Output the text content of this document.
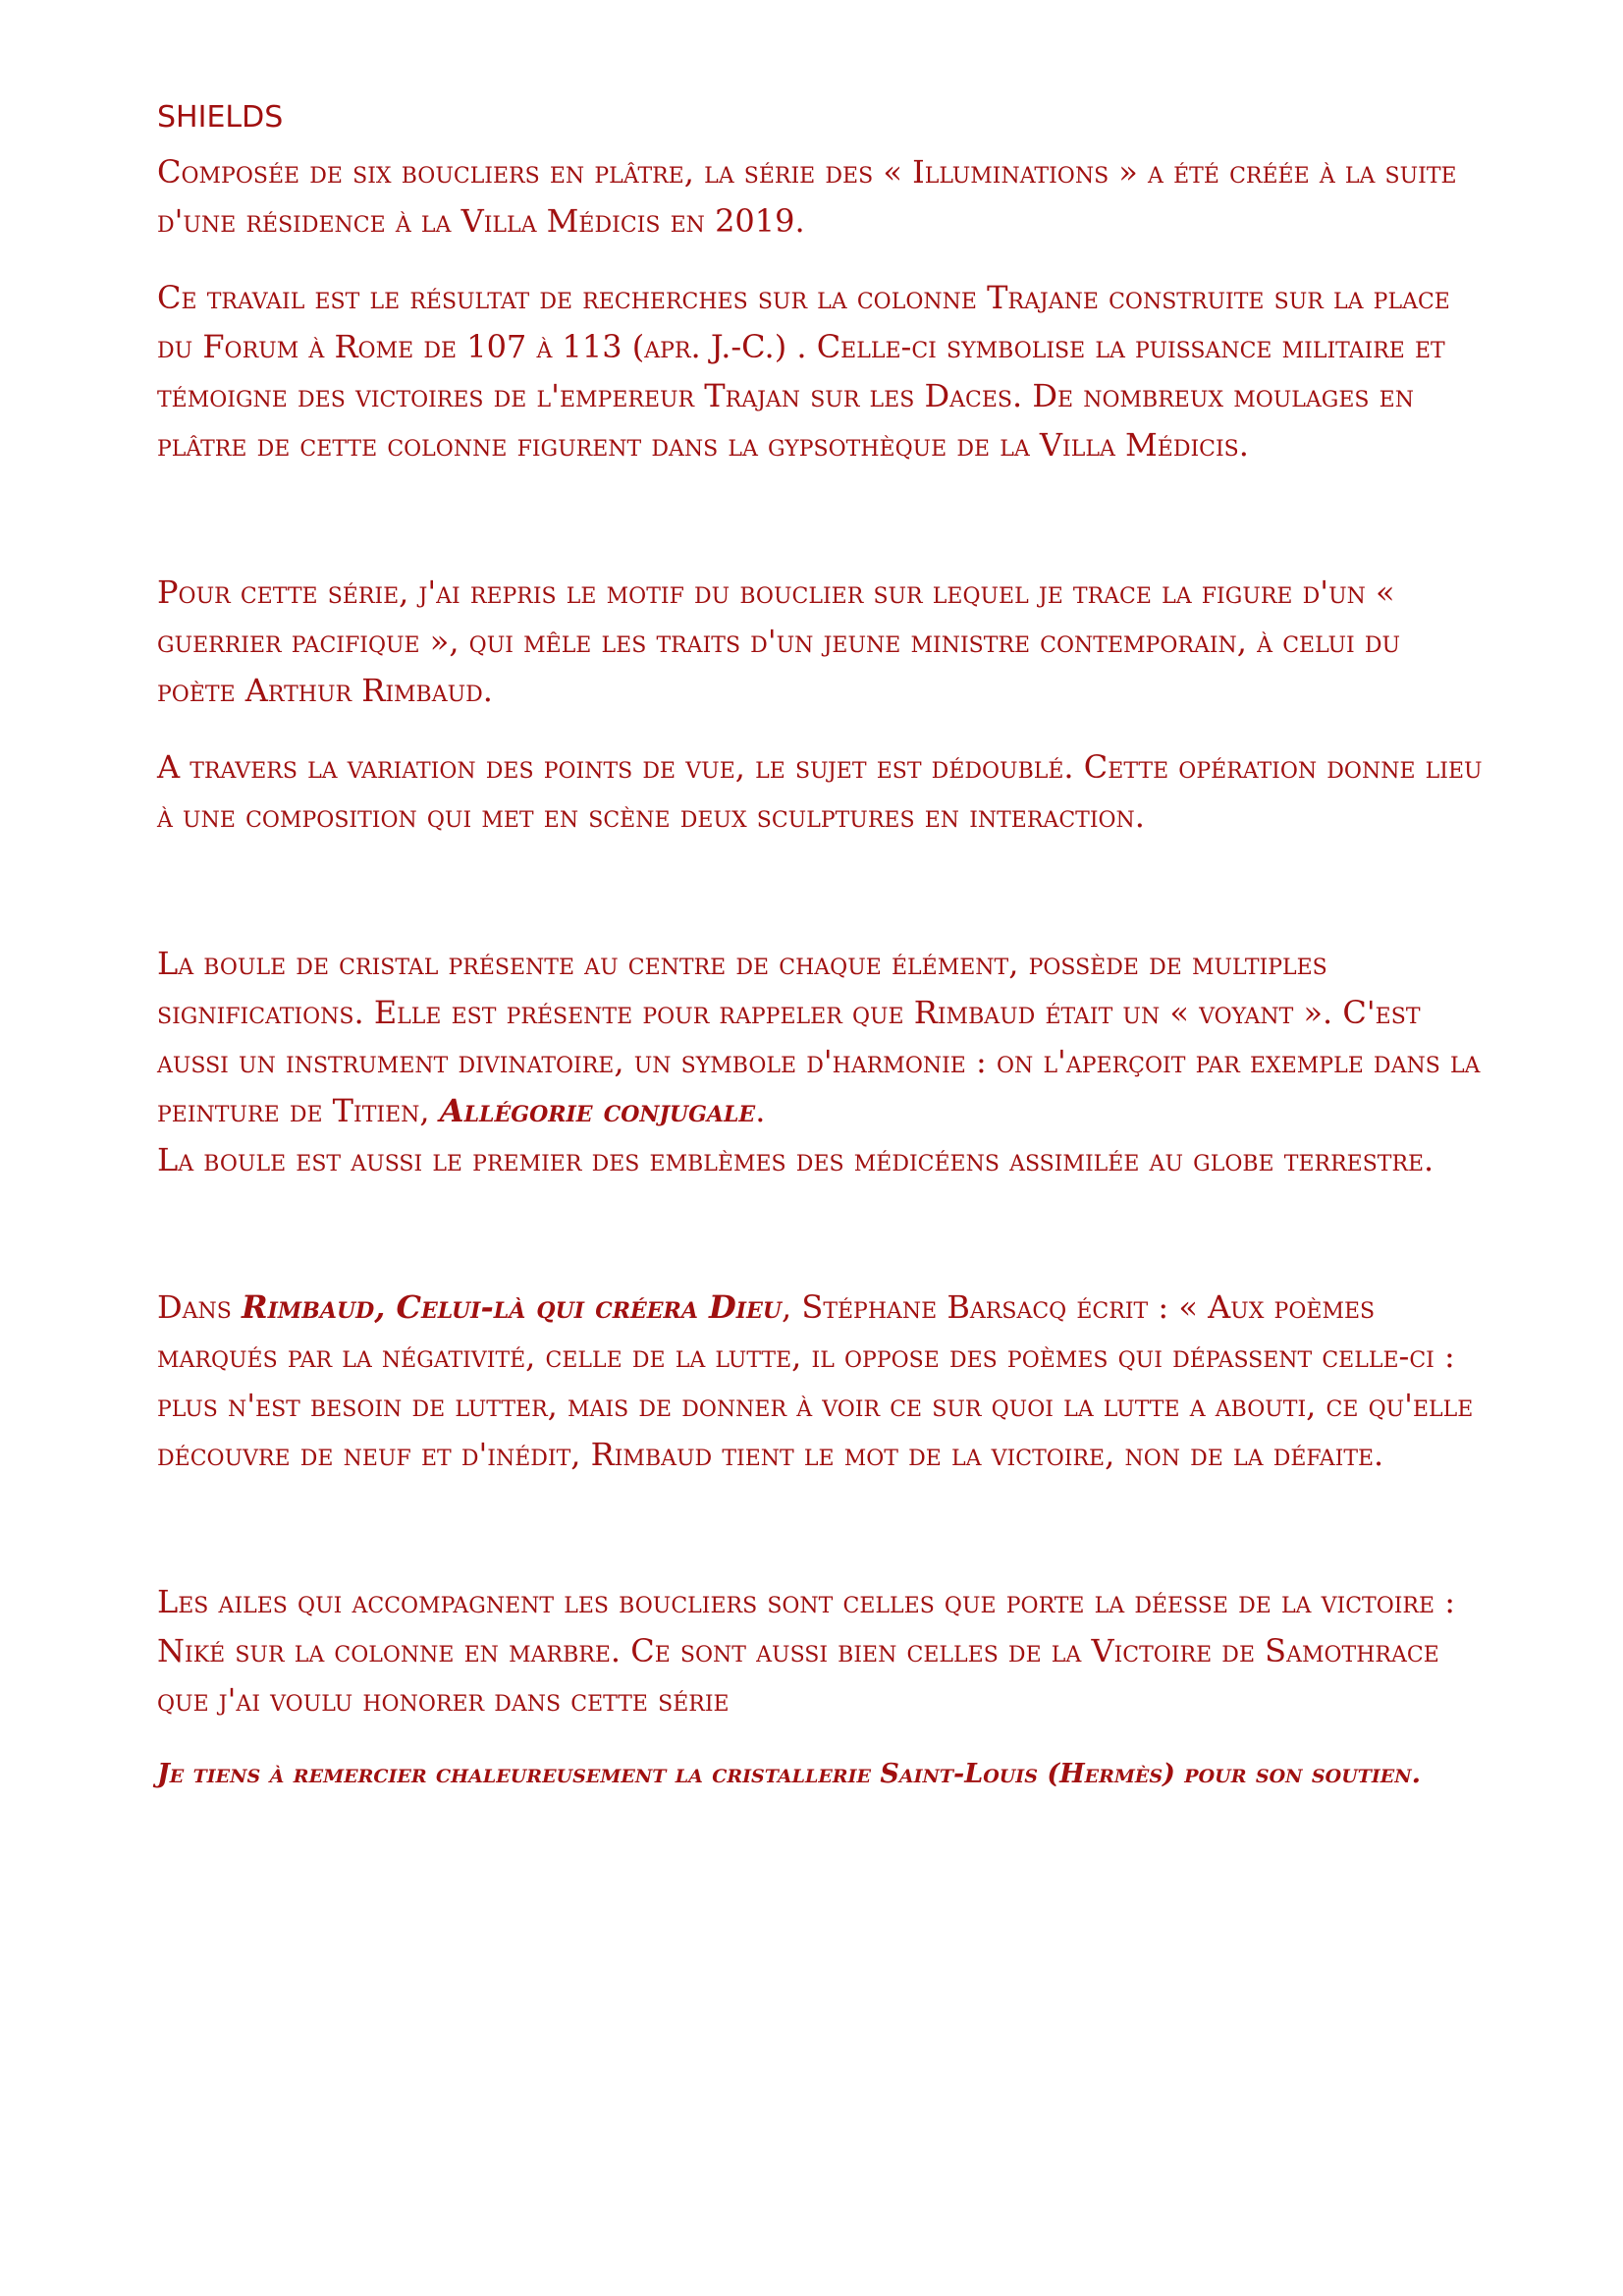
SHIELDS

Composée de six boucliers en plâtre, la série des « Illuminations » a été créée à la suite d'une résidence à la Villa Médicis en 2019.

Ce travail est le résultat de recherches sur la colonne Trajane construite sur la place du Forum à Rome de 107 à 113 (apr. J.-C.) . Celle-ci symbolise la puissance militaire et témoigne des victoires de l'empereur Trajan sur les Daces. De nombreux moulages en plâtre de cette colonne figurent dans la gypsothèque de la Villa Médicis.

Pour cette série, j'ai repris le motif du bouclier sur lequel je trace la figure d'un « guerrier pacifique », qui mêle les traits d'un jeune ministre contemporain, à celui du poète Arthur Rimbaud.

A travers la variation des points de vue, le sujet est dédoublé. Cette opération donne lieu à une composition qui met en scène deux sculptures en interaction.

La boule de cristal présente au centre de chaque élément, possède de multiples significations. Elle est présente pour rappeler que Rimbaud était un « voyant ». C'est aussi un instrument divinatoire, un symbole d'harmonie : on l'aperçoit par exemple dans la peinture de Titien, Allégorie conjugale.
La boule est aussi le premier des emblèmes des médicéens assimilée au globe terrestre.

Dans Rimbaud, Celui-là qui créera Dieu, Stéphane Barsacq écrit : « Aux poèmes marqués par la négativité, celle de la lutte, il oppose des poèmes qui dépassent celle-ci : plus n'est besoin de lutter, mais de donner à voir ce sur quoi la lutte a abouti, ce qu'elle découvre de neuf et d'inédit, Rimbaud tient le mot de la victoire, non de la défaite.

Les ailes qui accompagnent les boucliers sont celles que porte la déesse de la victoire : Niké sur la colonne en marbre. Ce sont aussi bien celles de la Victoire de Samothrace que j'ai voulu honorer dans cette série

Je tiens à remercier chaleureusement la cristallerie Saint-Louis (Hermès) pour son soutien.
